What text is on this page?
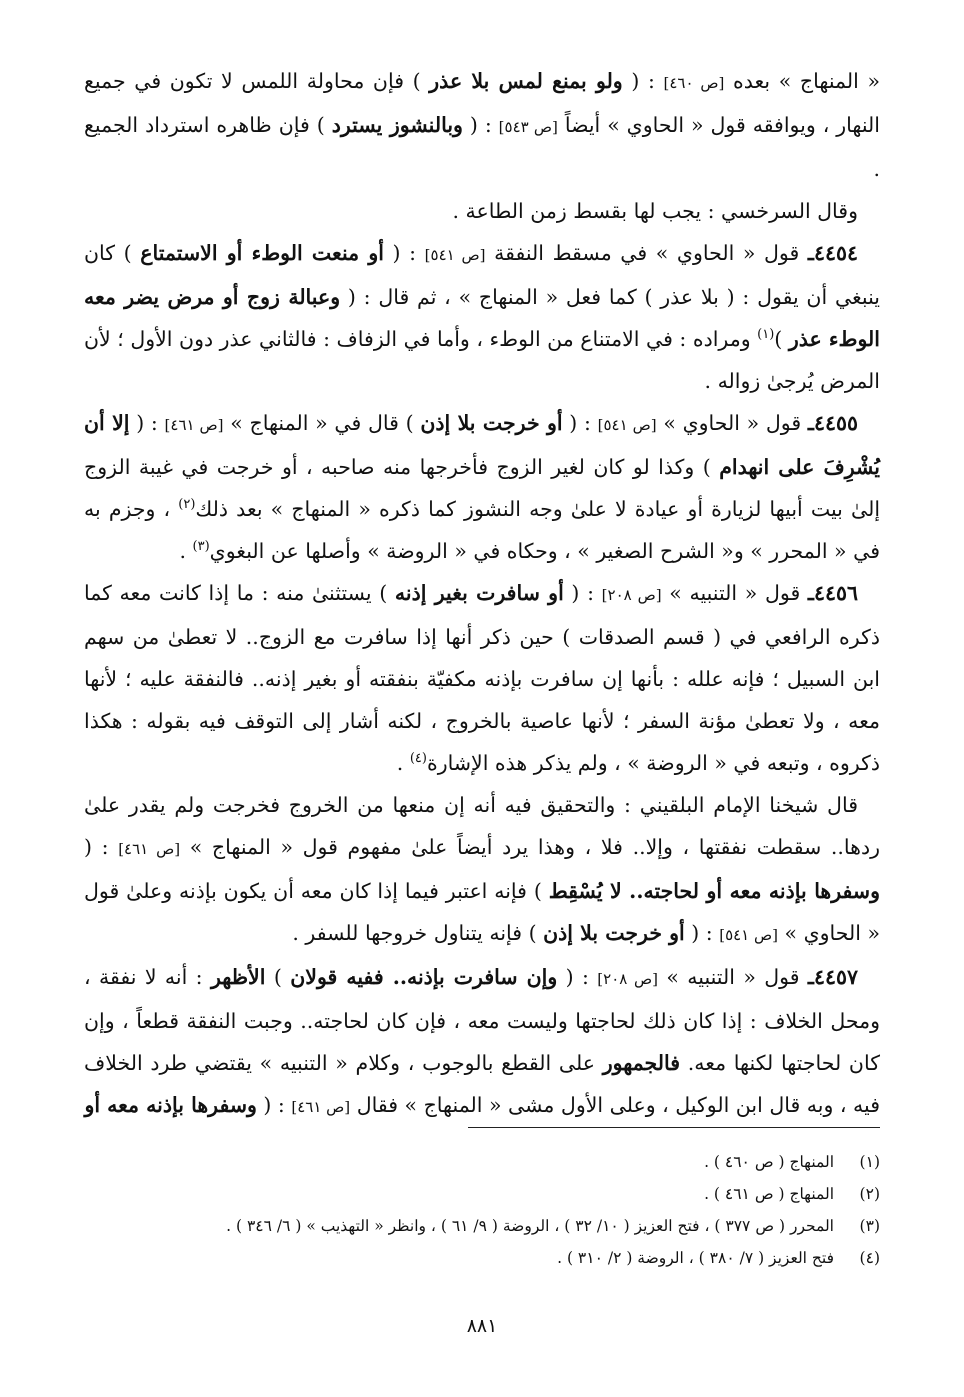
« المنهاج » بعده [ص ٤٦٠] : ( ولو بمنع لمس بلا عذر ) فإن محاولة اللمس لا تكون في جميع النهار ، ويوافقه قول « الحاوي » أيضاً [ص ٥٤٣] : ( وبالنشوز يسترد ) فإن ظاهره استرداد الجميع .

وقال السرخسي : يجب لها بقسط زمن الطاعة .

٤٤٥٤ـ قول « الحاوي » في مسقط النفقة [ص ٥٤١] : ( أو منعت الوطء أو الاستمتاع ) كان ينبغي أن يقول : ( بلا عذر ) كما فعل « المنهاج » ، ثم قال : ( وعبالة زوج أو مرض يضر معه الوطء عذر )$^{(١)}$ ومراده : في الامتناع من الوطء ، وأما في الزفاف : فالثاني عذر دون الأول ؛ لأن المرض يُرجىٰ زواله .

٤٤٥٥ـ قول « الحاوي » [ص ٥٤١] : ( أو خرجت بلا إذن ) قال في « المنهاج » [ص ٤٦١] : ( إلا أن يُشْرِفَ على انهدام ) وكذا لو كان لغير الزوج فأخرجها منه صاحبه ، أو خرجت في غيبة الزوج إلىٰ بيت أبيها لزيارة أو عيادة لا علىٰ وجه النشوز كما ذكره « المنهاج » بعد ذلك$^{(٢)}$ ، وجزم به في « المحرر » و« الشرح الصغير » ، وحكاه في « الروضة » وأصلها عن البغوي$^{(٣)}$ .

٤٤٥٦ـ قول « التنبيه » [ص ٢٠٨] : ( أو سافرت بغير إذنه ) يستثنىٰ منه : ما إذا كانت معه كما ذكره الرافعي في ( قسم الصدقات ) حين ذكر أنها إذا سافرت مع الزوج.. لا تعطىٰ من سهم ابن السبيل ؛ فإنه علله : بأنها إن سافرت بإذنه مكفيّة بنفقته أو بغير إذنه.. فالنفقة عليه ؛ لأنها معه ، ولا تعطىٰ مؤنة السفر ؛ لأنها عاصية بالخروج ، لكنه أشار إلى التوقف فيه بقوله : هكذا ذكروه ، وتبعه في « الروضة » ، ولم يذكر هذه الإشارة$^{(٤)}$ .

قال شيخنا الإمام البلقيني : والتحقيق فيه أنه إن منعها من الخروج فخرجت ولم يقدر علىٰ ردها.. سقطت نفقتها ، وإلا.. فلا ، وهذا يرد أيضاً علىٰ مفهوم قول « المنهاج » [ص ٤٦١] : ( وسفرها بإذنه معه أو لحاجته.. لا يُسْقِط ) فإنه اعتبر فيما إذا كان معه أن يكون بإذنه وعلىٰ قول « الحاوي » [ص ٥٤١] : ( أو خرجت بلا إذن ) فإنه يتناول خروجها للسفر .

٤٤٥٧ـ قول « التنبيه » [ص ٢٠٨] : ( وإن سافرت بإذنه.. ففيه قولان ) الأظهر : أنه لا نفقة ، ومحل الخلاف : إذا كان ذلك لحاجتها وليست معه ، فإن كان لحاجته.. وجبت النفقة قطعاً ، وإن كان لحاجتها لكنها معه. فالجمهور على القطع بالوجوب ، وكلام « التنبيه » يقتضي طرد الخلاف فيه ، وبه قال ابن الوكيل ، وعلى الأول مشى « المنهاج » فقال [ص ٤٦١] : ( وسفرها بإذنه معه أو

(١)المنهاج ( ص ٤٦٠ ) .

(٢)المنهاج ( ص ٤٦١ ) .

(٣)المحرر ( ص ٣٧٧ ) ، فتح العزيز ( ١٠/ ٣٢ ) ، الروضة ( ٩/ ٦١ ) ، وانظر « التهذيب » ( ٦/ ٣٤٦ ) .

(٤)فتح العزيز ( ٧/ ٣٨٠ ) ، الروضة ( ٢/ ٣١٠ ) .

٨٨١
